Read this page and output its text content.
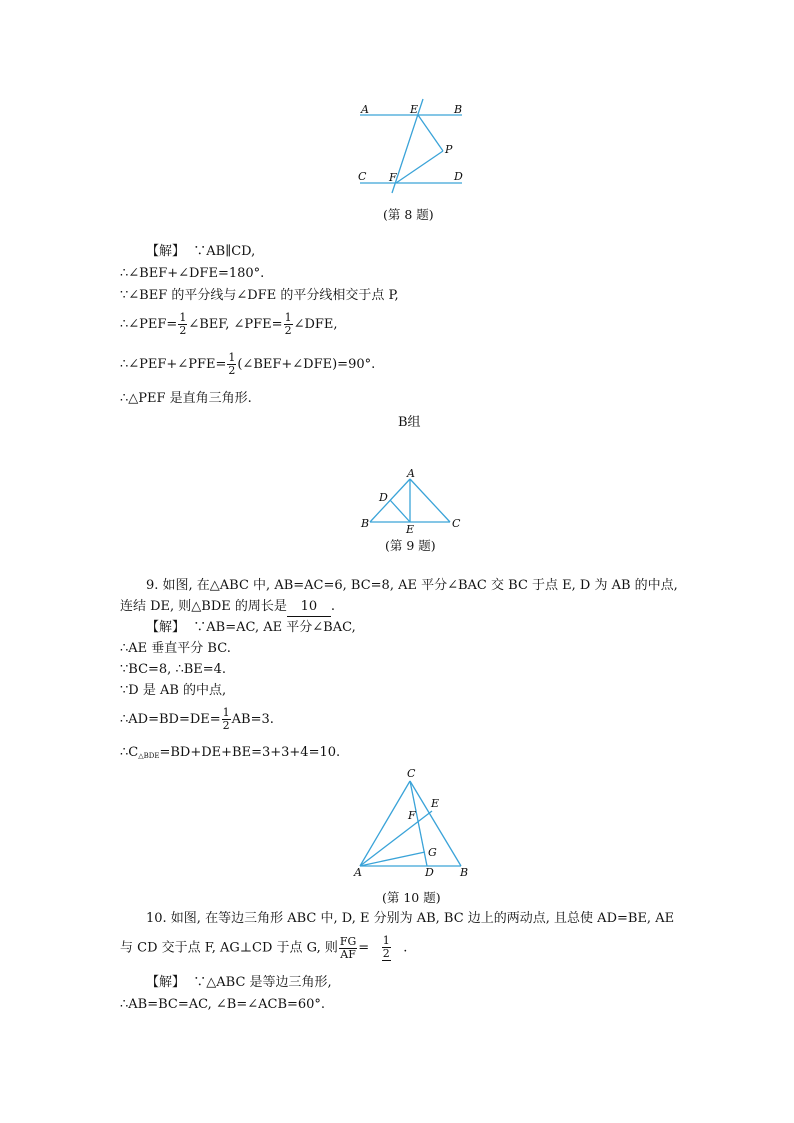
A	E	B
P
C F	D
(第 8 题)
【解】 ∵AB∥CD,
∴∠BEF+∠DFE=180°.
∵∠BEF 的平分线与∠DFE 的平分线相交于点 P,
∴∠PEF= $\frac{1}{2}$ ∠BEF, ∠PFE= $\frac{1}{2}$ ∠DFE,
∴∠PEF+∠PFE= $\frac{1}{2}$ (∠BEF+∠DFE)=90°.
∴△PEF 是直角三角形.
B组
A
D
B	E	C
(第 9 题)
9. 如图, 在△ABC 中, AB=AC=6, BC=8, AE 平分∠BAC 交 BC 于点 E, D 为 AB 的中点,
连结 DE, 则△BDE 的周长是 10 .
【解】 ∵AB=AC, AE 平分∠BAC,
∴AE 垂直平分 BC.
∵BC=8, ∴BE=4.
∵D 是 AB 的中点,
∴AD=BD=DE= $\frac{1}{2} AB=3$.
$\therefore C_{\triangle BDE}=BD+DE+BE=3+3+4=10$.
C
E
F
G
A	D B
(第 10 题)
10. 如图, 在等边三角形 ABC 中, D, E 分别为 AB, BC 边上的两动点, 且总使 AD=BE, AE
与 CD 交于点 F, AG⊥CD 于点 G, 则 $\frac{FG}{AF} = \frac{1}{2}$ .
【解】 ∵△ABC 是等边三角形,
∴AB=BC=AC, ∠B=∠ACB=60°.
